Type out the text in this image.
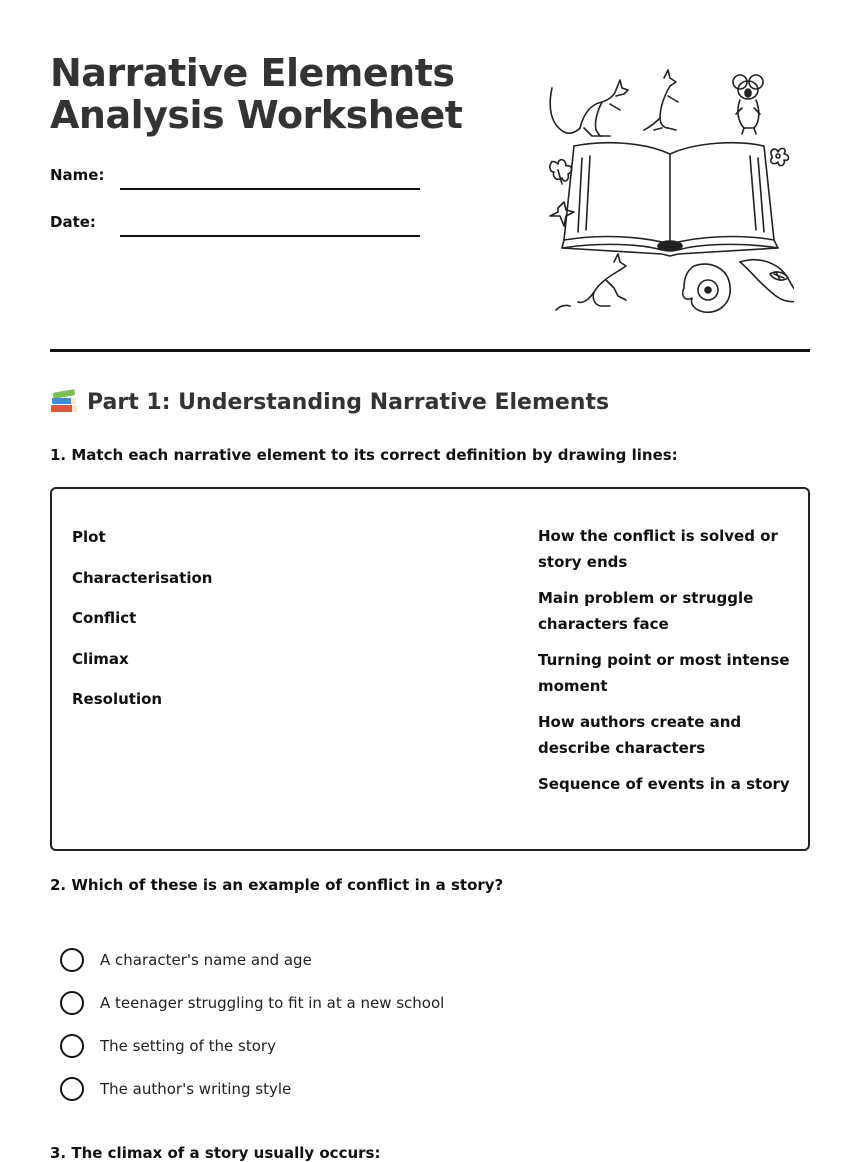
Narrative Elements
Analysis Worksheet
Name:
Date:
Part 1: Understanding Narrative Elements

1. Match each narrative element to its correct definition by drawing lines:

Plot
Characterisation
Conflict
Climax
Resolution
How the conflict is solved or story ends
Main problem or struggle characters face
Turning point or most intense moment
How authors create and describe characters
Sequence of events in a story

2. Which of these is an example of conflict in a story?

A character's name and age
A teenager struggling to fit in at a new school
The setting of the story
The author's writing style

3. The climax of a story usually occurs:
